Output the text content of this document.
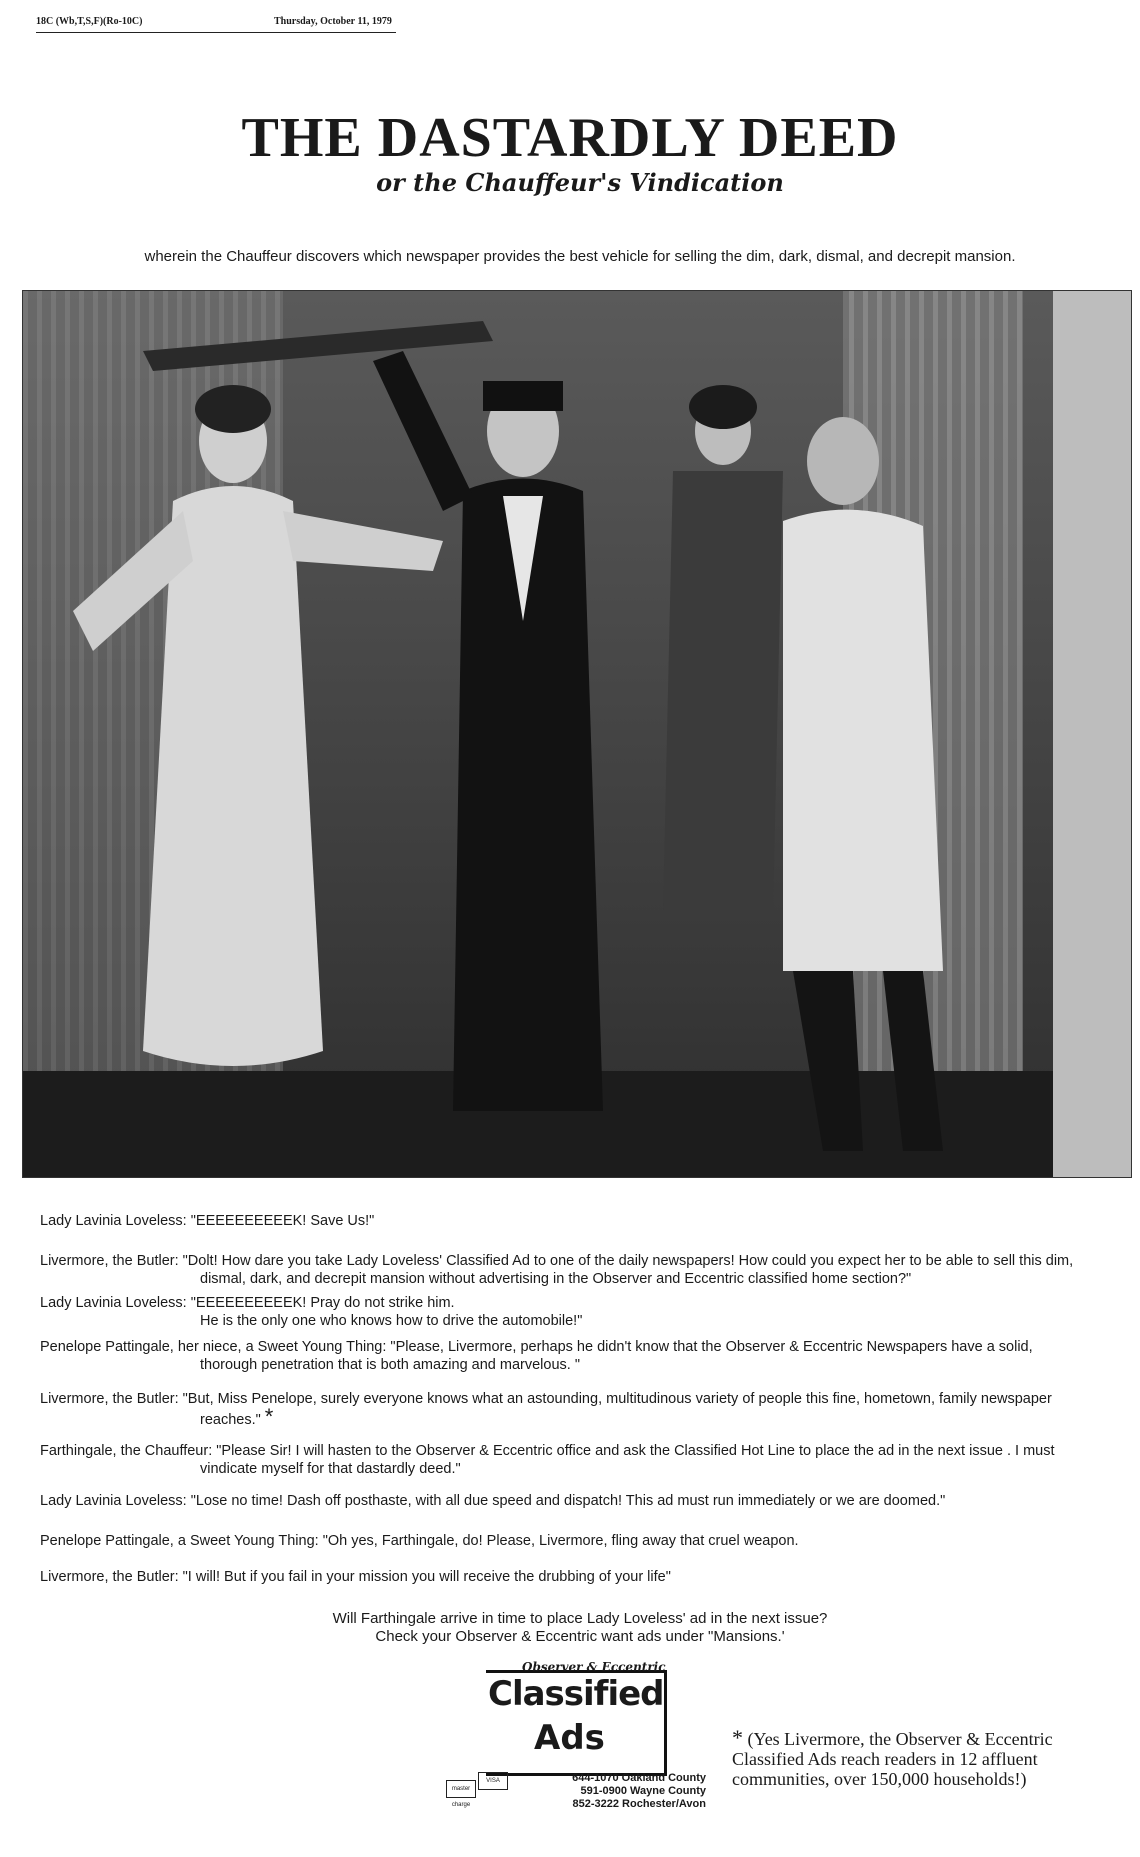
18C (Wb,T,S,F)(Ro-10C)	Thursday, October 11, 1979
THE DASTARDLY DEED
or the Chauffeur's Vindication
wherein the Chauffeur discovers which newspaper provides the best vehicle for selling the dim, dark, dismal, and decrepit mansion.
Lady Lavinia Loveless: "EEEEEEEEEEK! Save Us!"
Livermore, the Butler: "Dolt! How dare you take Lady Loveless' Classified Ad to one of the daily newspapers! How could you expect her to be able to sell this dim,
dismal, dark, and decrepit mansion without advertising in the Observer and Eccentric classified home section?"
Lady Lavinia Loveless: "EEEEEEEEEEK! Pray do not strike him.
He is the only one who knows how to drive the automobile!"
Penelope Pattingale, her niece, a Sweet Young Thing: "Please, Livermore, perhaps he didn't know that the Observer & Eccentric Newspapers have a solid,
thorough penetration that is both amazing and marvelous. "
Livermore, the Butler: "But, Miss Penelope, surely everyone knows what an astounding, multitudinous variety of people this fine, hometown, family newspaper
reaches." *
Farthingale, the Chauffeur: "Please Sir! I will hasten to the Observer & Eccentric office and ask the Classified Hot Line to place the ad in the next issue . I must
vindicate myself for that dastardly deed."
Lady Lavinia Loveless: "Lose no time! Dash off posthaste, with all due speed and dispatch! This ad must run immediately or we are doomed."
Penelope Pattingale, a Sweet Young Thing: "Oh yes, Farthingale, do! Please, Livermore, fling away that cruel weapon.
Livermore, the Butler: "I will! But if you fail in your mission you will receive the drubbing of your life"
Will Farthingale arrive in time to place Lady Loveless' ad in the next issue?
Check your Observer & Eccentric want ads under "Mansions.'
Observer & Eccentric
Classified
Ads
master charge
VISA	644-1070 Oakland County
591-0900 Wayne County
852-3222 Rochester/Avon
* (Yes Livermore, the Observer & Eccentric Classified Ads reach readers in 12 affluent communities, over 150,000 households!)
